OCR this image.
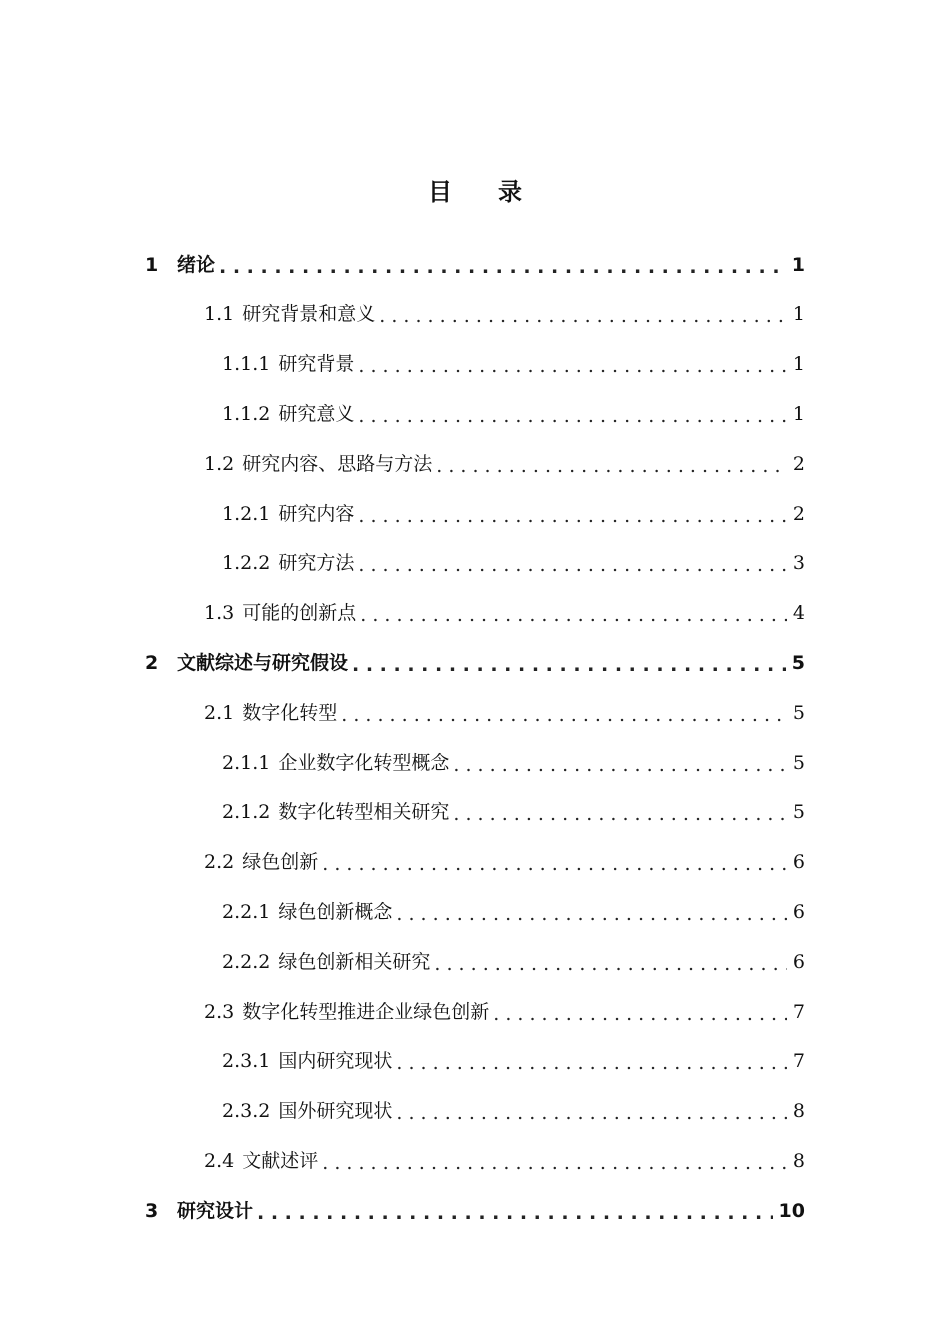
目 录
1 绪论 . . .	1
1.1 研究背景和意义 . . .	1
1.1.1 研究背景 . . .	1
1.1.2 研究意义 . . .	1
1.2 研究内容、思路与方法 . . .	2
1.2.1 研究内容 . . .	2
1.2.2 研究方法 . . .	3
1.3 可能的创新点 . . .	4
2 文献综述与研究假设 . . .	5
2.1 数字化转型 . . .	5
2.1.1 企业数字化转型概念 . . .	5
2.1.2 数字化转型相关研究 . . .	5
2.2 绿色创新 . . .	6
2.2.1 绿色创新概念 . . .	6
2.2.2 绿色创新相关研究 . . .	6
2.3 数字化转型推进企业绿色创新 . . .	7
2.3.1 国内研究现状 . . .	7
2.3.2 国外研究现状 . . .	8
2.4 文献述评 . . .	8
3 研究设计 . . .	10
